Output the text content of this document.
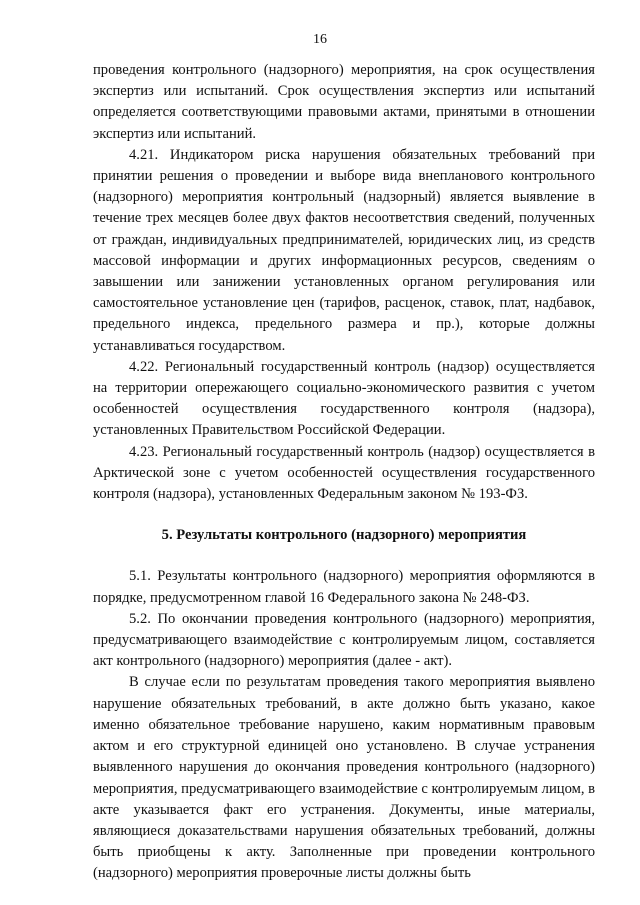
16

проведения контрольного (надзорного) мероприятия, на срок осуществления экспертиз или испытаний. Срок осуществления экспертиз или испытаний определяется соответствующими правовыми актами, принятыми в отношении экспертиз или испытаний.

4.21. Индикатором риска нарушения обязательных требований при принятии решения о проведении и выборе вида внепланового контрольного (надзорного) мероприятия контрольный (надзорный) является выявление в течение трех месяцев более двух фактов несоответствия сведений, полученных от граждан, индивидуальных предпринимателей, юридических лиц, из средств массовой информации и других информационных ресурсов, сведениям о завышении или занижении установленных органом регулирования или самостоятельное установление цен (тарифов, расценок, ставок, плат, надбавок, предельного индекса, предельного размера и пр.), которые должны устанавливаться государством.

4.22. Региональный государственный контроль (надзор) осуществляется на территории опережающего социально-экономического развития с учетом особенностей осуществления государственного контроля (надзора), установленных Правительством Российской Федерации.

4.23. Региональный государственный контроль (надзор) осуществляется в Арктической зоне с учетом особенностей осуществления государственного контроля (надзора), установленных Федеральным законом № 193-ФЗ.

5. Результаты контрольного (надзорного) мероприятия

5.1. Результаты контрольного (надзорного) мероприятия оформляются в порядке, предусмотренном главой 16 Федерального закона № 248-ФЗ.

5.2. По окончании проведения контрольного (надзорного) мероприятия, предусматривающего взаимодействие с контролируемым лицом, составляется акт контрольного (надзорного) мероприятия (далее - акт).

В случае если по результатам проведения такого мероприятия выявлено нарушение обязательных требований, в акте должно быть указано, какое именно обязательное требование нарушено, каким нормативным правовым актом и его структурной единицей оно установлено. В случае устранения выявленного нарушения до окончания проведения контрольного (надзорного) мероприятия, предусматривающего взаимодействие с контролируемым лицом, в акте указывается факт его устранения. Документы, иные материалы, являющиеся доказательствами нарушения обязательных требований, должны быть приобщены к акту. Заполненные при проведении контрольного (надзорного) мероприятия проверочные листы должны быть
